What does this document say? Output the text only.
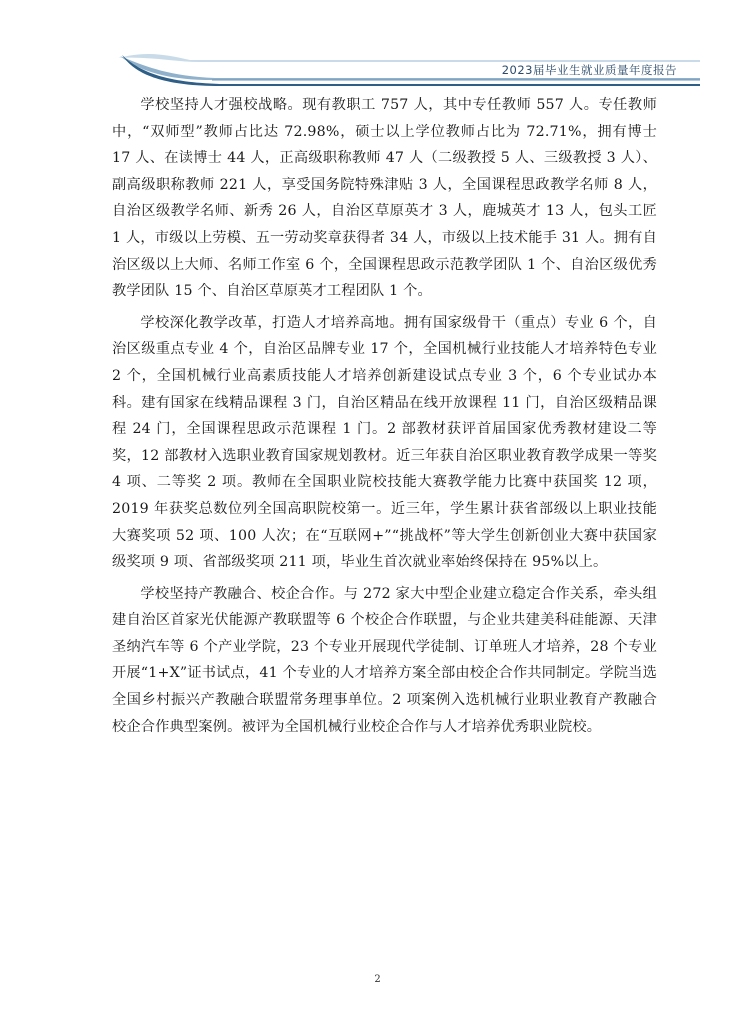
2023届毕业生就业质量年度报告

学校坚持人才强校战略。现有教职工 757 人，其中专任教师 557 人。专任教师中，“双师型”教师占比达 72.98%，硕士以上学位教师占比为 72.71%，拥有博士 17 人、在读博士 44 人，正高级职称教师 47 人（二级教授 5 人、三级教授 3 人）、副高级职称教师 221 人，享受国务院特殊津贴 3 人，全国课程思政教学名师 8 人，自治区级教学名师、新秀 26 人，自治区草原英才 3 人，鹿城英才 13 人，包头工匠 1 人，市级以上劳模、五一劳动奖章获得者 34 人，市级以上技术能手 31 人。拥有自治区级以上大师、名师工作室 6 个，全国课程思政示范教学团队 1 个、自治区级优秀教学团队 15 个、自治区草原英才工程团队 1 个。

学校深化教学改革，打造人才培养高地。拥有国家级骨干（重点）专业 6 个，自治区级重点专业 4 个，自治区品牌专业 17 个，全国机械行业技能人才培养特色专业 2 个，全国机械行业高素质技能人才培养创新建设试点专业 3 个，6 个专业试办本科。建有国家在线精品课程 3 门，自治区精品在线开放课程 11 门，自治区级精品课程 24 门，全国课程思政示范课程 1 门。2 部教材获评首届国家优秀教材建设二等奖，12 部教材入选职业教育国家规划教材。近三年获自治区职业教育教学成果一等奖 4 项、二等奖 2 项。教师在全国职业院校技能大赛教学能力比赛中获国奖 12 项，2019 年获奖总数位列全国高职院校第一。近三年，学生累计获省部级以上职业技能大赛奖项 52 项、100 人次；在“互联网+”“挑战杯”等大学生创新创业大赛中获国家级奖项 9 项、省部级奖项 211 项，毕业生首次就业率始终保持在 95%以上。

学校坚持产教融合、校企合作。与 272 家大中型企业建立稳定合作关系，牵头组建自治区首家光伏能源产教联盟等 6 个校企合作联盟，与企业共建美科硅能源、天津圣纳汽车等 6 个产业学院，23 个专业开展现代学徒制、订单班人才培养，28 个专业开展“1+X”证书试点，41 个专业的人才培养方案全部由校企合作共同制定。学院当选全国乡村振兴产教融合联盟常务理事单位。2 项案例入选机械行业职业教育产教融合校企合作典型案例。被评为全国机械行业校企合作与人才培养优秀职业院校。

2
